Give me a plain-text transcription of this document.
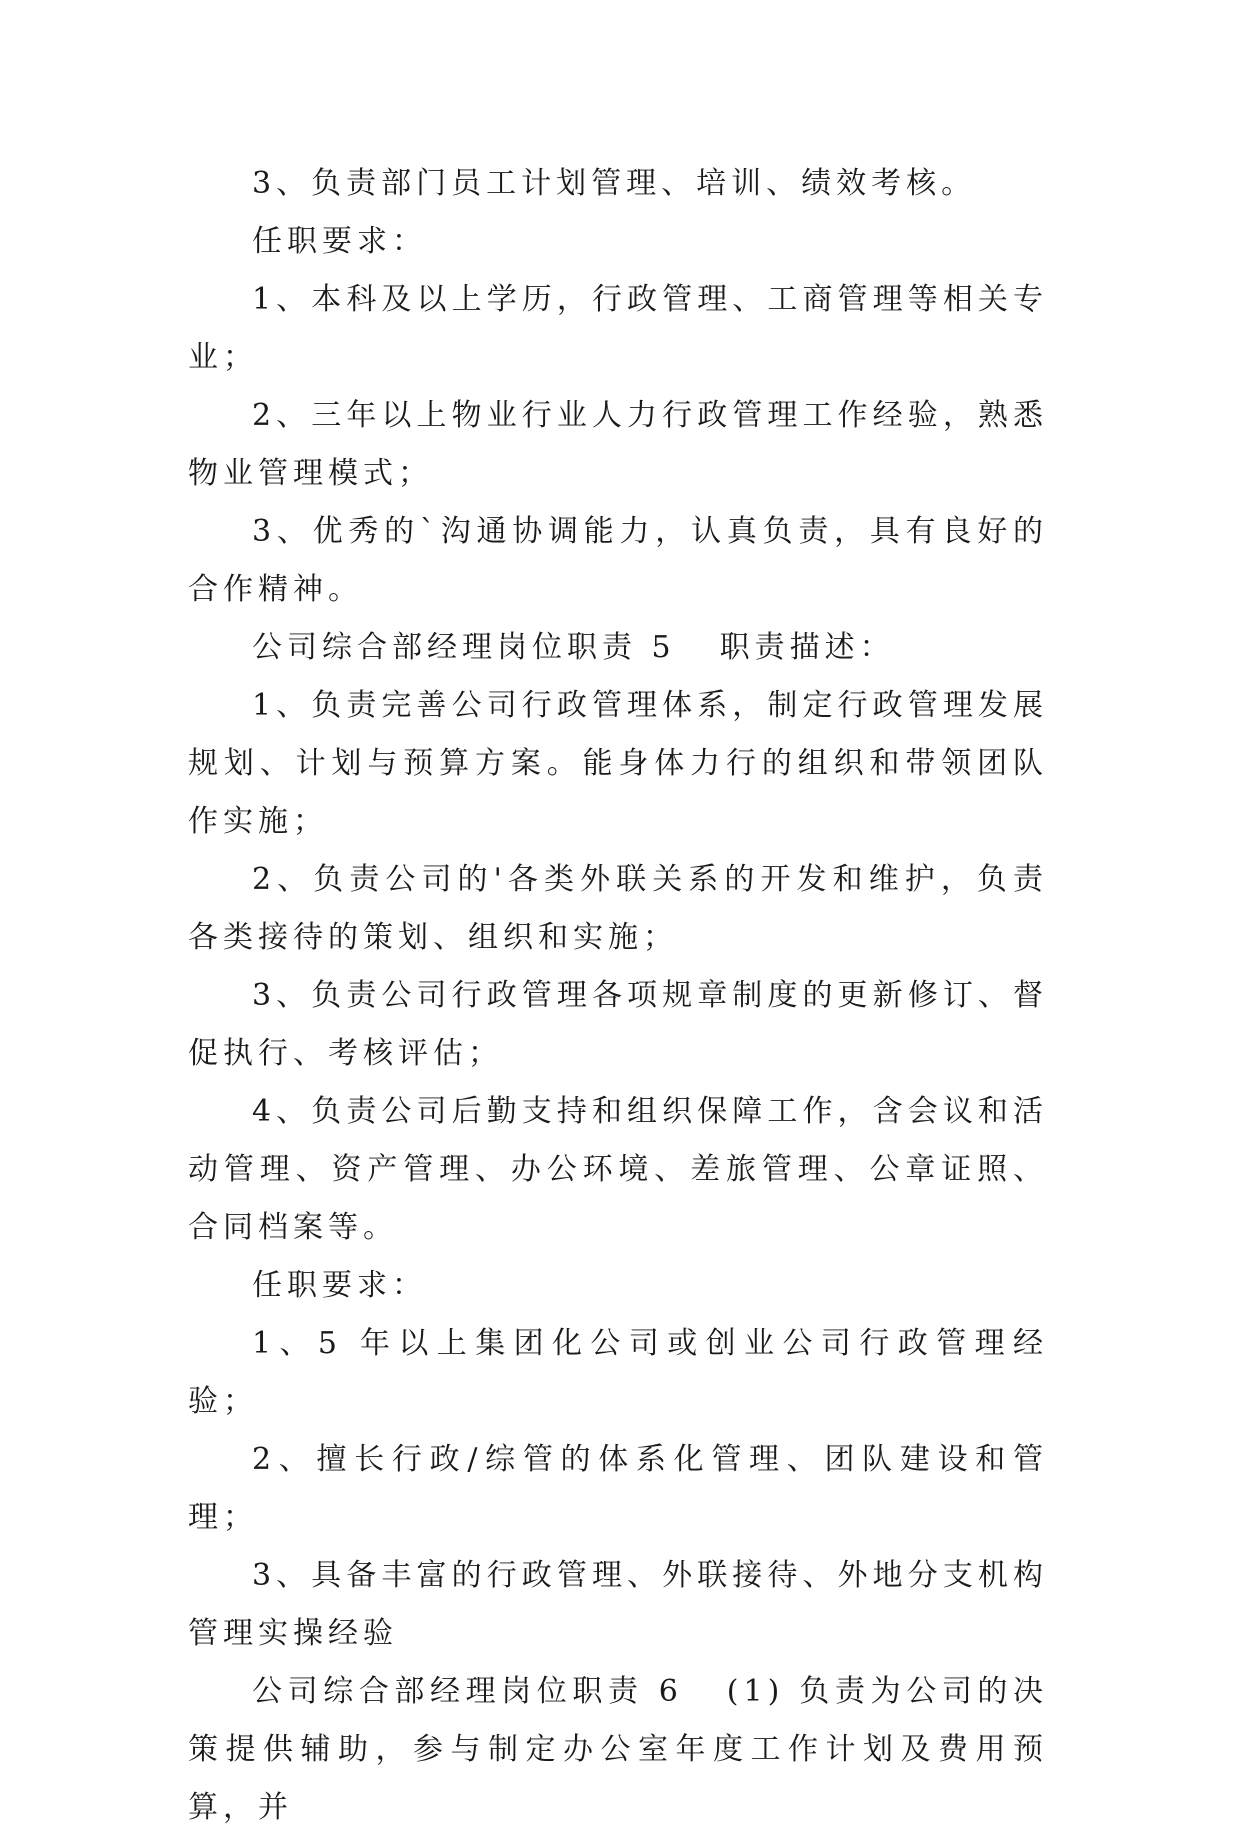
3、负责部门员工计划管理、培训、绩效考核。

任职要求：

1、本科及以上学历，行政管理、工商管理等相关专业；

2、三年以上物业行业人力行政管理工作经验，熟悉物业管理模式；

3、优秀的`沟通协调能力，认真负责，具有良好的合作精神。

公司综合部经理岗位职责 5 职责描述：

1、负责完善公司行政管理体系，制定行政管理发展规划、计划与预算方案。能身体力行的组织和带领团队作实施；

2、负责公司的'各类外联关系的开发和维护，负责各类接待的策划、组织和实施；

3、负责公司行政管理各项规章制度的更新修订、督促执行、考核评估；

4、负责公司后勤支持和组织保障工作，含会议和活动管理、资产管理、办公环境、差旅管理、公章证照、合同档案等。

任职要求：

1、5 年以上集团化公司或创业公司行政管理经验；

2、擅长行政/综管的体系化管理、团队建设和管理；

3、具备丰富的行政管理、外联接待、外地分支机构管理实操经验

公司综合部经理岗位职责 6 (1) 负责为公司的决策提供辅助，参与制定办公室年度工作计划及费用预算，并
